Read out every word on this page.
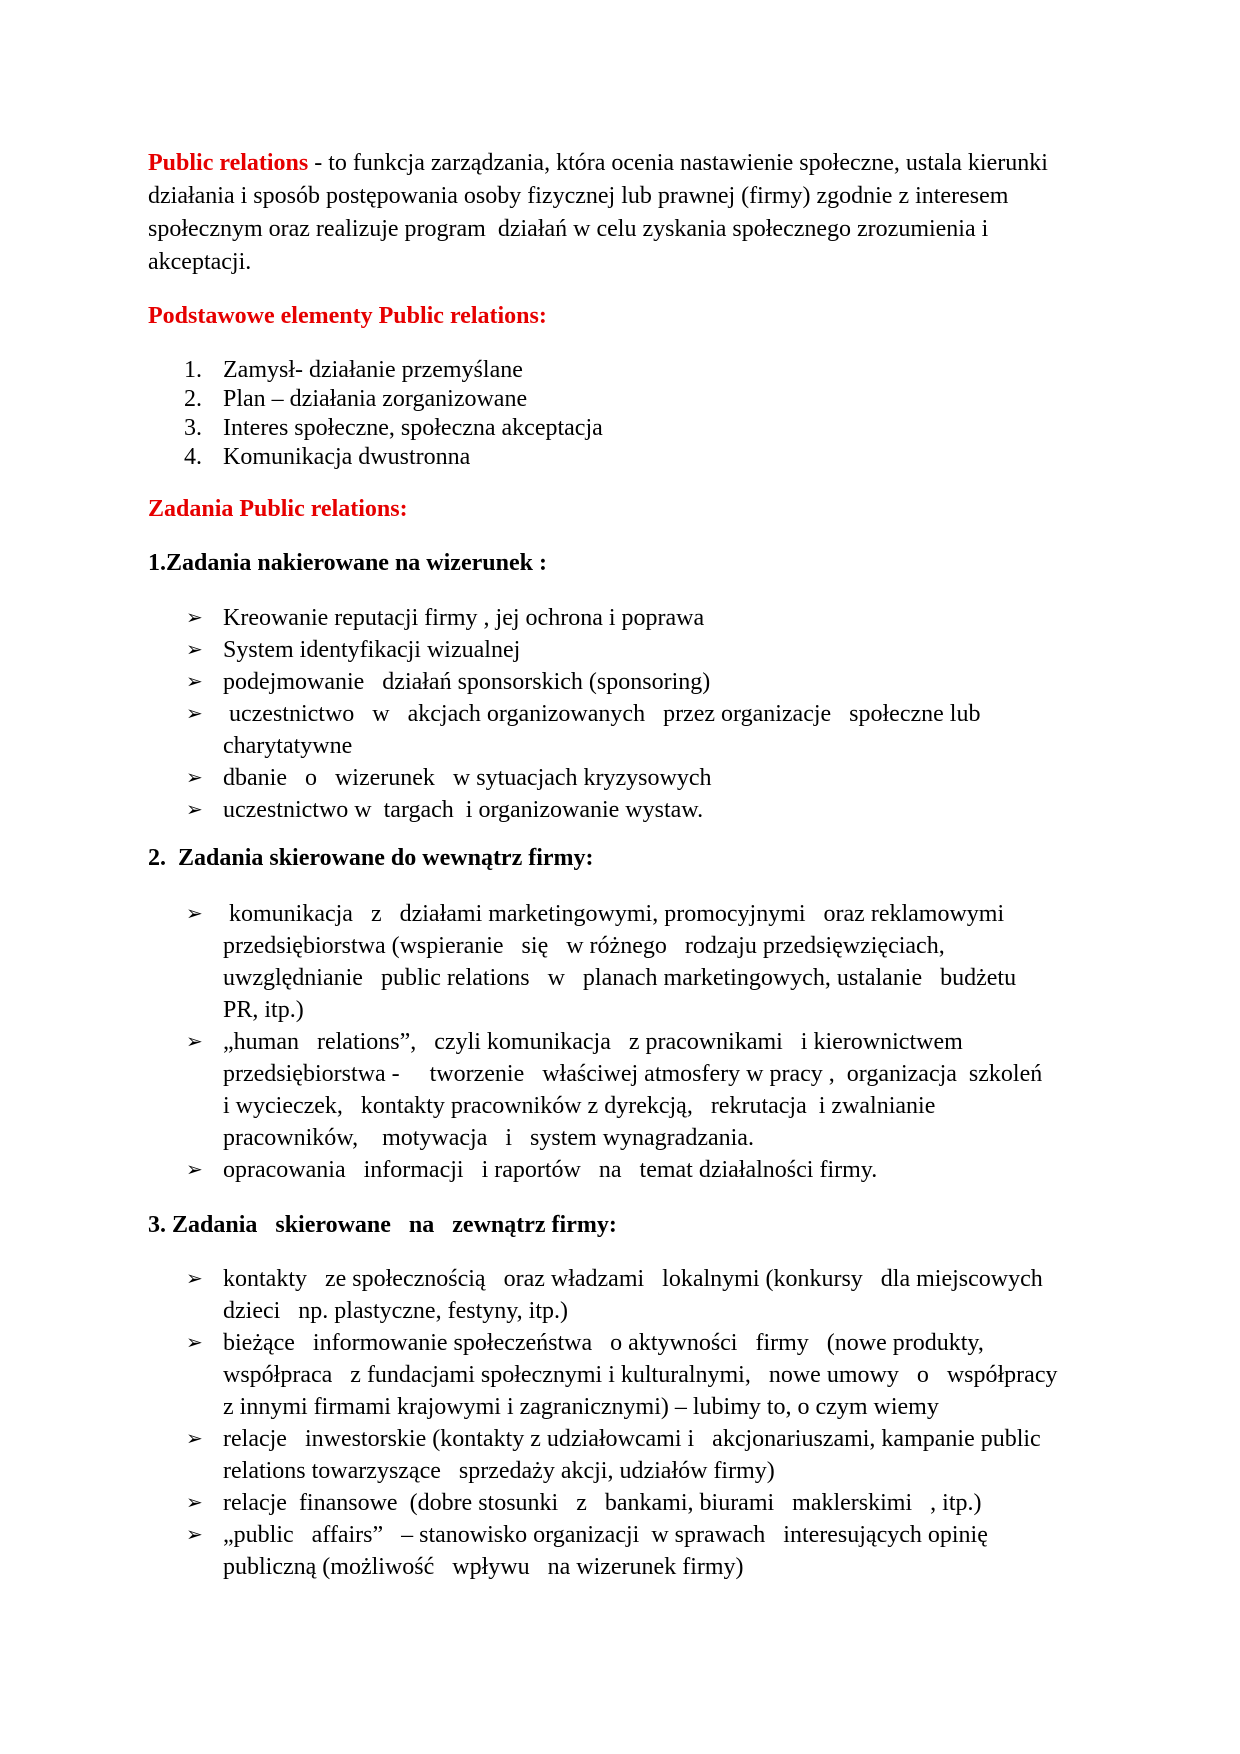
Public relations - to funkcja zarządzania, która ocenia nastawienie społeczne, ustala kierunki
działania i sposób postępowania osoby fizycznej lub prawnej (firmy) zgodnie z interesem
społecznym oraz realizuje program  działań w celu zyskania społecznego zrozumienia i
akceptacji.
Podstawowe elementy Public relations:
1. Zamysł- działanie przemyślane
2. Plan – działania zorganizowane
3. Interes społeczne, społeczna akceptacja
4. Komunikacja dwustronna
Zadania Public relations:
1.Zadania nakierowane na wizerunek :
➢ Kreowanie reputacji firmy , jej ochrona i poprawa
➢ System identyfikacji wizualnej
➢ podejmowanie   działań sponsorskich (sponsoring)
➢ uczestnictwo   w   akcjach organizowanych   przez organizacje   społeczne lub
charytatywne
➢ dbanie   o   wizerunek   w sytuacjach kryzysowych
➢ uczestnictwo w  targach  i organizowanie wystaw.
2.  Zadania skierowane do wewnątrz firmy:
➢ komunikacja   z   działami marketingowymi, promocyjnymi   oraz reklamowymi
przedsiębiorstwa (wspieranie   się   w różnego   rodzaju przedsięwzięciach,
uwzględnianie   public relations   w   planach marketingowych, ustalanie   budżetu
PR, itp.)
➢ „human   relations”,   czyli komunikacja   z pracownikami   i kierownictwem
przedsiębiorstwa -     tworzenie   właściwej atmosfery w pracy ,  organizacja  szkoleń
i wycieczek,   kontakty pracowników z dyrekcją,   rekrutacja  i zwalnianie
pracowników,    motywacja   i   system wynagradzania.
➢ opracowania   informacji   i raportów   na   temat działalności firmy.
3. Zadania   skierowane   na   zewnątrz firmy:
➢ kontakty   ze społecznością   oraz władzami   lokalnymi (konkursy   dla miejscowych
dzieci   np. plastyczne, festyny, itp.)
➢ bieżące   informowanie społeczeństwa   o aktywności   firmy   (nowe produkty,
współpraca   z fundacjami społecznymi i kulturalnymi,   nowe umowy   o   współpracy
z innymi firmami krajowymi i zagranicznymi) – lubimy to, o czym wiemy
➢ relacje   inwestorskie (kontakty z udziałowcami i   akcjonariuszami, kampanie public
relations towarzyszące   sprzedaży akcji, udziałów firmy)
➢ relacje  finansowe  (dobre stosunki   z   bankami, biurami   maklerskimi   , itp.)
➢ „public   affairs”   – stanowisko organizacji  w sprawach   interesujących opinię
publiczną (możliwość   wpływu   na wizerunek firmy)
